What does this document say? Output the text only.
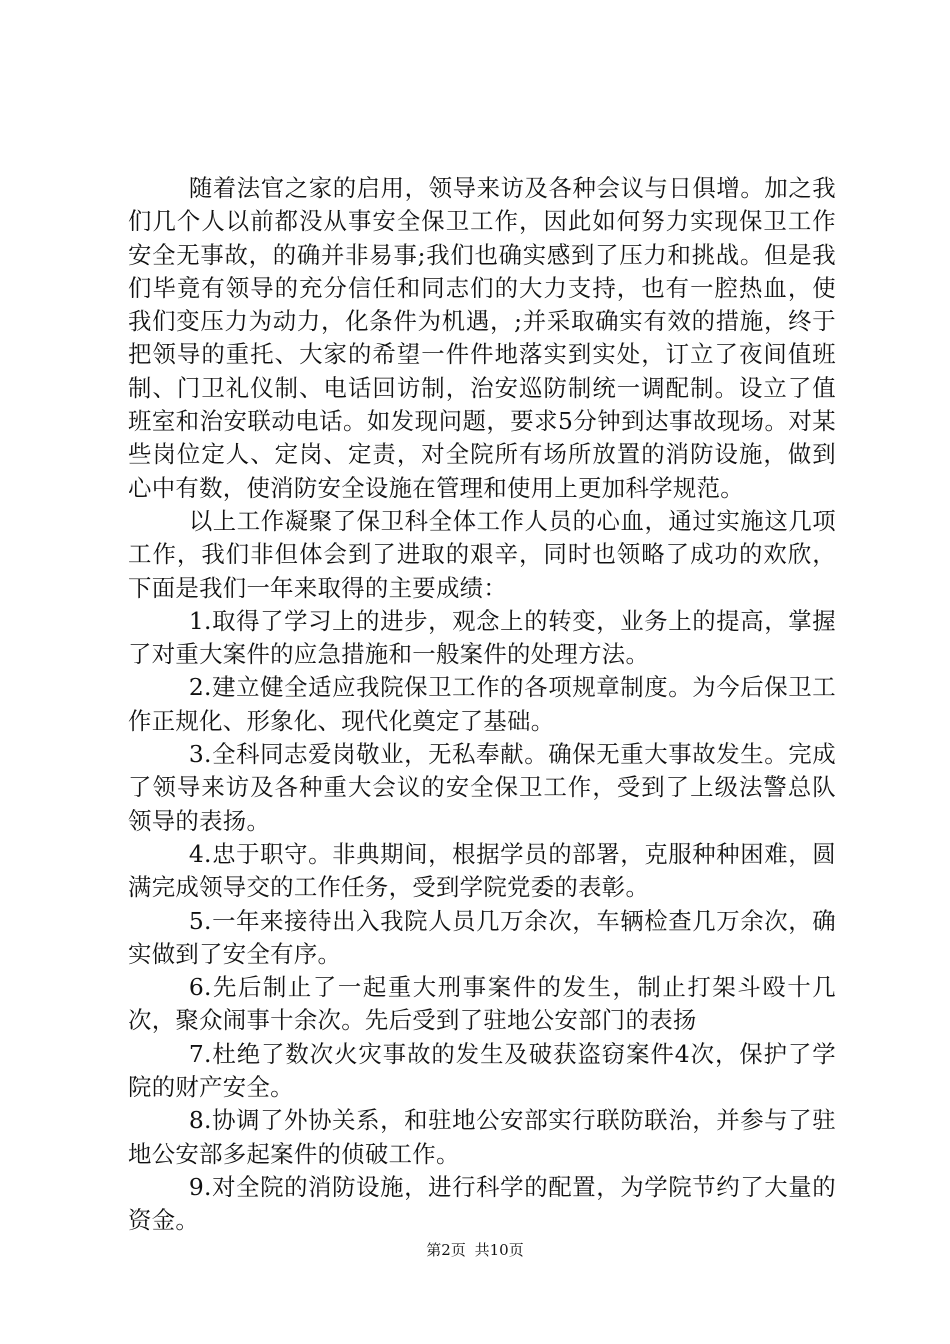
随着法官之家的启用，领导来访及各种会议与日俱增。加之我们几个人以前都没从事安全保卫工作，因此如何努力实现保卫工作安全无事故，的确并非易事;我们也确实感到了压力和挑战。但是我们毕竟有领导的充分信任和同志们的大力支持，也有一腔热血，使我们变压力为动力，化条件为机遇，;并采取确实有效的措施，终于把领导的重托、大家的希望一件件地落实到实处，订立了夜间值班制、门卫礼仪制、电话回访制，治安巡防制统一调配制。设立了值班室和治安联动电话。如发现问题，要求5分钟到达事故现场。对某些岗位定人、定岗、定责，对全院所有场所放置的消防设施，做到心中有数，使消防安全设施在管理和使用上更加科学规范。

以上工作凝聚了保卫科全体工作人员的心血，通过实施这几项工作，我们非但体会到了进取的艰辛，同时也领略了成功的欢欣，下面是我们一年来取得的主要成绩：

1.取得了学习上的进步，观念上的转变，业务上的提高，掌握了对重大案件的应急措施和一般案件的处理方法。

2.建立健全适应我院保卫工作的各项规章制度。为今后保卫工作正规化、形象化、现代化奠定了基础。

3.全科同志爱岗敬业，无私奉献。确保无重大事故发生。完成了领导来访及各种重大会议的安全保卫工作，受到了上级法警总队领导的表扬。

4.忠于职守。非典期间，根据学员的部署，克服种种困难，圆满完成领导交的工作任务，受到学院党委的表彰。

5.一年来接待出入我院人员几万余次，车辆检查几万余次，确实做到了安全有序。

6.先后制止了一起重大刑事案件的发生，制止打架斗殴十几次，聚众闹事十余次。先后受到了驻地公安部门的表扬

7.杜绝了数次火灾事故的发生及破获盗窃案件4次，保护了学院的财产安全。

8.协调了外协关系，和驻地公安部实行联防联治，并参与了驻地公安部多起案件的侦破工作。

9.对全院的消防设施，进行科学的配置，为学院节约了大量的资金。

第2页 共10页
